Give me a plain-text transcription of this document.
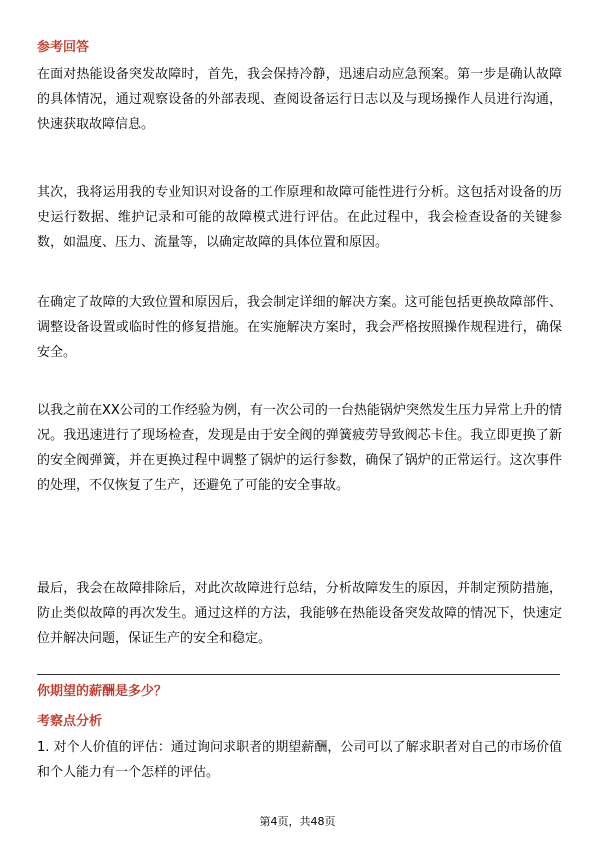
参考回答

在面对热能设备突发故障时，首先，我会保持冷静，迅速启动应急预案。第一步是确认故障的具体情况，通过观察设备的外部表现、查阅设备运行日志以及与现场操作人员进行沟通，快速获取故障信息。

其次，我将运用我的专业知识对设备的工作原理和故障可能性进行分析。这包括对设备的历史运行数据、维护记录和可能的故障模式进行评估。在此过程中，我会检查设备的关键参数，如温度、压力、流量等，以确定故障的具体位置和原因。

在确定了故障的大致位置和原因后，我会制定详细的解决方案。这可能包括更换故障部件、调整设备设置或临时性的修复措施。在实施解决方案时，我会严格按照操作规程进行，确保安全。

以我之前在XX公司的工作经验为例，有一次公司的一台热能锅炉突然发生压力异常上升的情况。我迅速进行了现场检查，发现是由于安全阀的弹簧疲劳导致阀芯卡住。我立即更换了新的安全阀弹簧，并在更换过程中调整了锅炉的运行参数，确保了锅炉的正常运行。这次事件的处理，不仅恢复了生产，还避免了可能的安全事故。

最后，我会在故障排除后，对此次故障进行总结，分析故障发生的原因，并制定预防措施，防止类似故障的再次发生。通过这样的方法，我能够在热能设备突发故障的情况下，快速定位并解决问题，保证生产的安全和稳定。

你期望的薪酬是多少？
考察点分析

1. 对个人价值的评估：通过询问求职者的期望薪酬，公司可以了解求职者对自己的市场价值和个人能力有一个怎样的评估。

第4页，共48页
